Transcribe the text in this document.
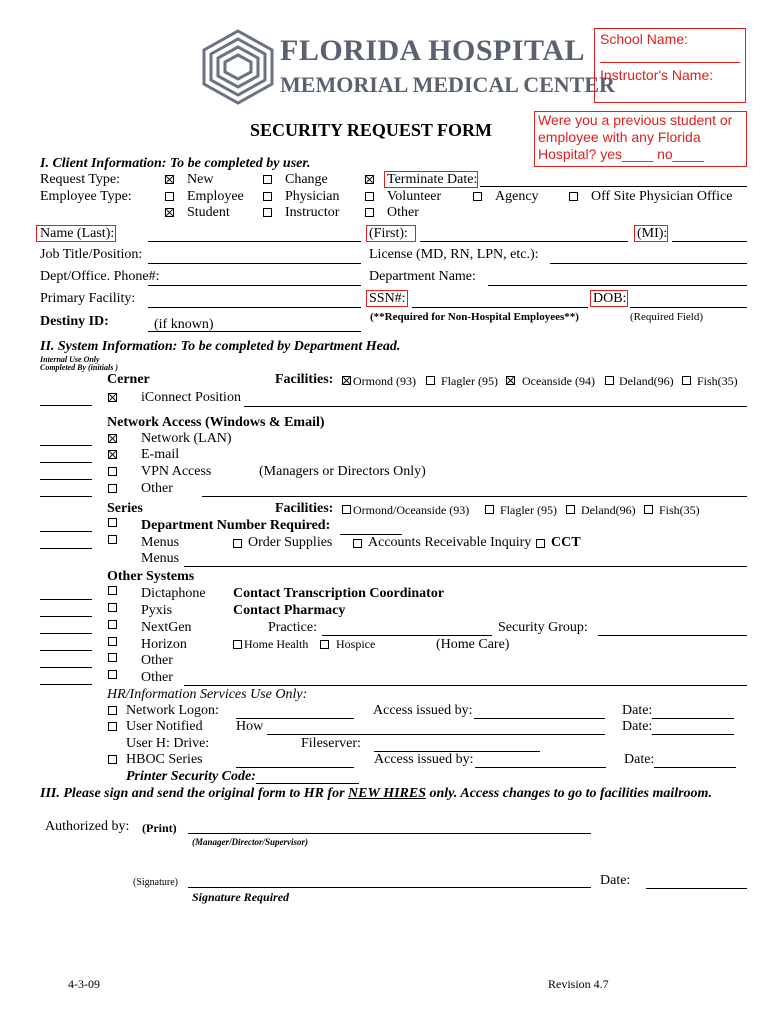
FLORIDA HOSPITAL
MEMORIAL MEDICAL CENTER
School Name:
Instructor's Name:
Were you a previous student or employee with any Florida Hospital? yes____ no____
SECURITY REQUEST FORM
I. Client Information: To be completed by user.
Request Type:
Employee Type:
New	Change	Terminate Date:
Employee	Physician	Volunteer	Agency	Off Site Physician Office
Student	Instructor	Other
Name (Last):	(First):	(MI):
Job Title/Position:	License (MD, RN, LPN, etc.):
Dept/Office. Phone#:	Department Name:
Primary Facility:	SSN#:	DOB:
Destiny ID:	(if known)	(**Required for Non-Hospital Employees**)	(Required Field)
II. System Information: To be completed by Department Head.
Internal Use Only
Completed By (initials )
Cerner	Facilities: Ormond (93) Flagler (95) Oceanside (94) Deland(96) Fish(35)
iConnect Position
Network Access (Windows & Email)
Network (LAN)
E-mail
VPN Access	(Managers or Directors Only)
Other
Series	Facilities: Ormond/Oceanside (93)	Flagler (95) Deland(96) Fish(35)
Department Number Required:
Menus	Order Supplies	Accounts Receivable Inquiry CCT
Menus
Other Systems
Dictaphone Contact Transcription Coordinator
Pyxis	Contact Pharmacy
NextGen	Practice:	Security Group:
Horizon	Home Health Hospice	(Home Care)
Other
Other
HR/Information Services Use Only:
Network Logon:	Access issued by:	Date:
User Notified How	Date:
User H: Drive:	Fileserver:
HBOC Series	Access issued by:	Date:
Printer Security Code:
III. Please sign and send the original form to HR for NEW HIRES only. Access changes to go to facilities mailroom.
Authorized by: (Print)
(Manager/Director/Supervisor)
(Signature)	Date:
Signature Required
4-3-09	Revision 4.7
